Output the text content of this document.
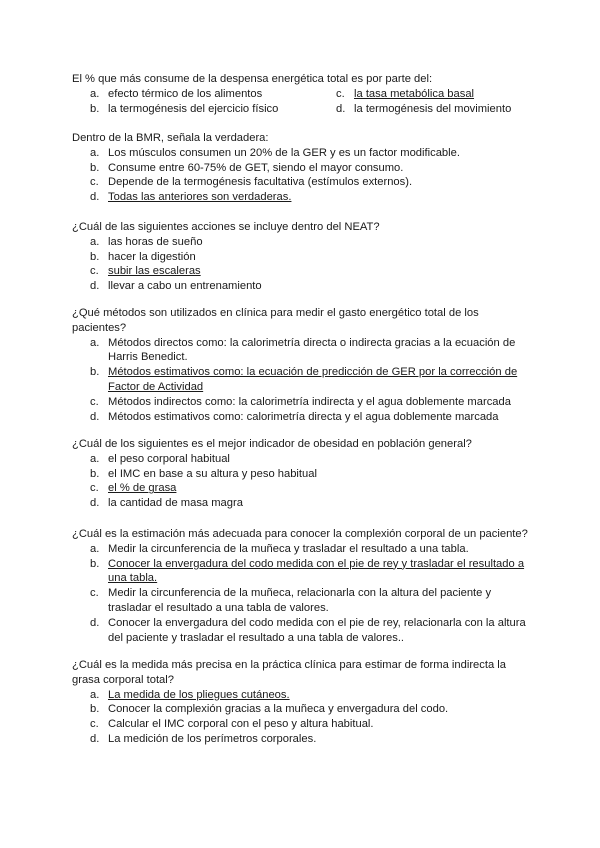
El % que más consume de la despensa energética total es por parte del:

a. efecto térmico de los alimentos	c. la tasa metabólica basal
b. la termogénesis del ejercicio físico	d. la termogénesis del movimiento

Dentro de la BMR, señala la verdadera:

a. Los músculos consumen un 20% de la GER y es un factor modificable.
b. Consume entre 60-75% de GET, siendo el mayor consumo.
c. Depende de la termogénesis facultativa (estímulos externos).
d. Todas las anteriores son verdaderas.

¿Cuál de las siguientes acciones se incluye dentro del NEAT?

a. las horas de sueño
b. hacer la digestión
c. subir las escaleras
d. llevar a cabo un entrenamiento

¿Qué métodos son utilizados en clínica para medir el gasto energético total de los pacientes?

a. Métodos directos como: la calorimetría directa o indirecta gracias a la ecuación de Harris Benedict.
b. Métodos estimativos como: la ecuación de predicción de GER por la corrección de Factor de Actividad
c. Métodos indirectos como: la calorimetría indirecta y el agua doblemente marcada
d. Métodos estimativos como: calorimetría directa y el agua doblemente marcada

¿Cuál de los siguientes es el mejor indicador de obesidad en población general?

a. el peso corporal habitual
b. el IMC en base a su altura y peso habitual
c. el % de grasa
d. la cantidad de masa magra

¿Cuál es la estimación más adecuada para conocer la complexión corporal de un paciente?

a. Medir la circunferencia de la muñeca y trasladar el resultado a una tabla.
b. Conocer la envergadura del codo medida con el pie de rey y trasladar el resultado a una tabla.
c. Medir la circunferencia de la muñeca, relacionarla con la altura del paciente y trasladar el resultado a una tabla de valores.
d. Conocer la envergadura del codo medida con el pie de rey, relacionarla con la altura del paciente y trasladar el resultado a una tabla de valores..

¿Cuál es la medida más precisa en la práctica clínica para estimar de forma indirecta la grasa corporal total?

a. La medida de los pliegues cutáneos.
b. Conocer la complexión gracias a la muñeca y envergadura del codo.
c. Calcular el IMC corporal con el peso y altura habitual.
d. La medición de los perímetros corporales.
